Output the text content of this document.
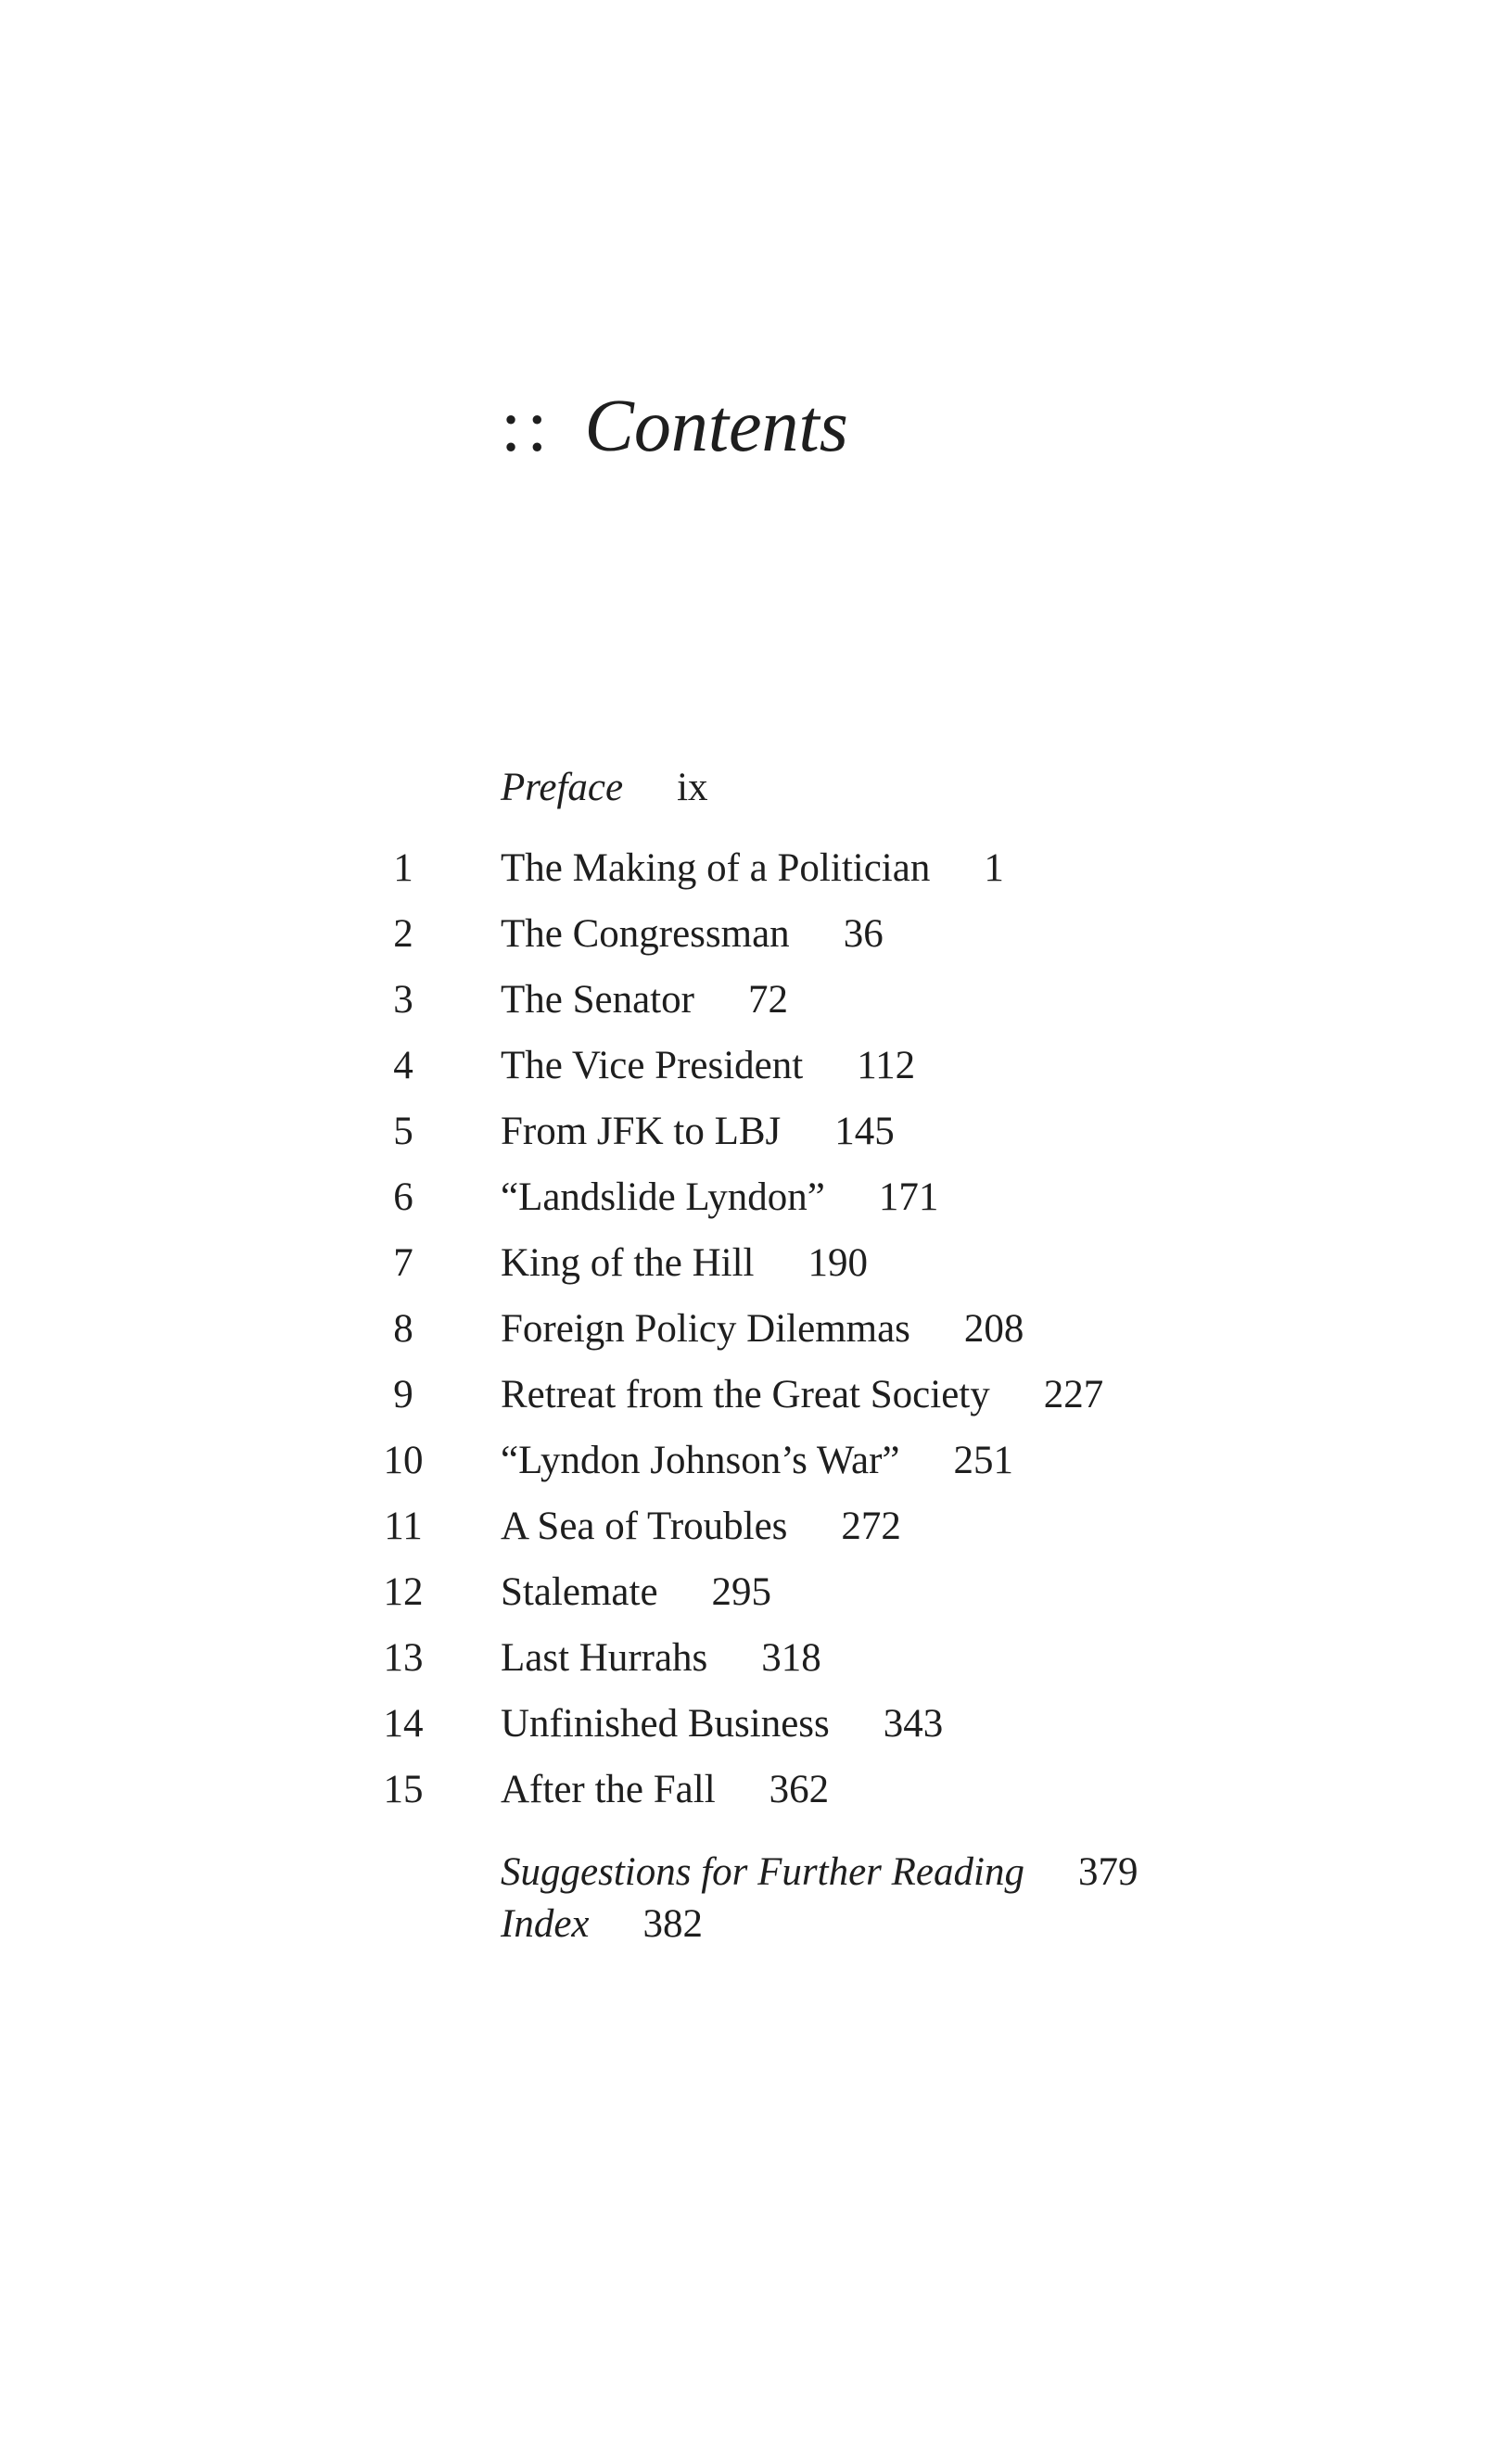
:: Contents
Preface ix
1	The Making of a Politician 1
2	The Congressman 36
3	The Senator 72
4	The Vice President 112
5	From JFK to LBJ 145
6	“Landslide Lyndon” 171
7	King of the Hill 190
8	Foreign Policy Dilemmas 208
9	Retreat from the Great Society 227
10 “Lyndon Johnson’s War” 251
11 A Sea of Troubles 272
12 Stalemate 295
13 Last Hurrahs 318
14 Unfinished Business 343
15 After the Fall 362
Suggestions for Further Reading 379
Index 382
